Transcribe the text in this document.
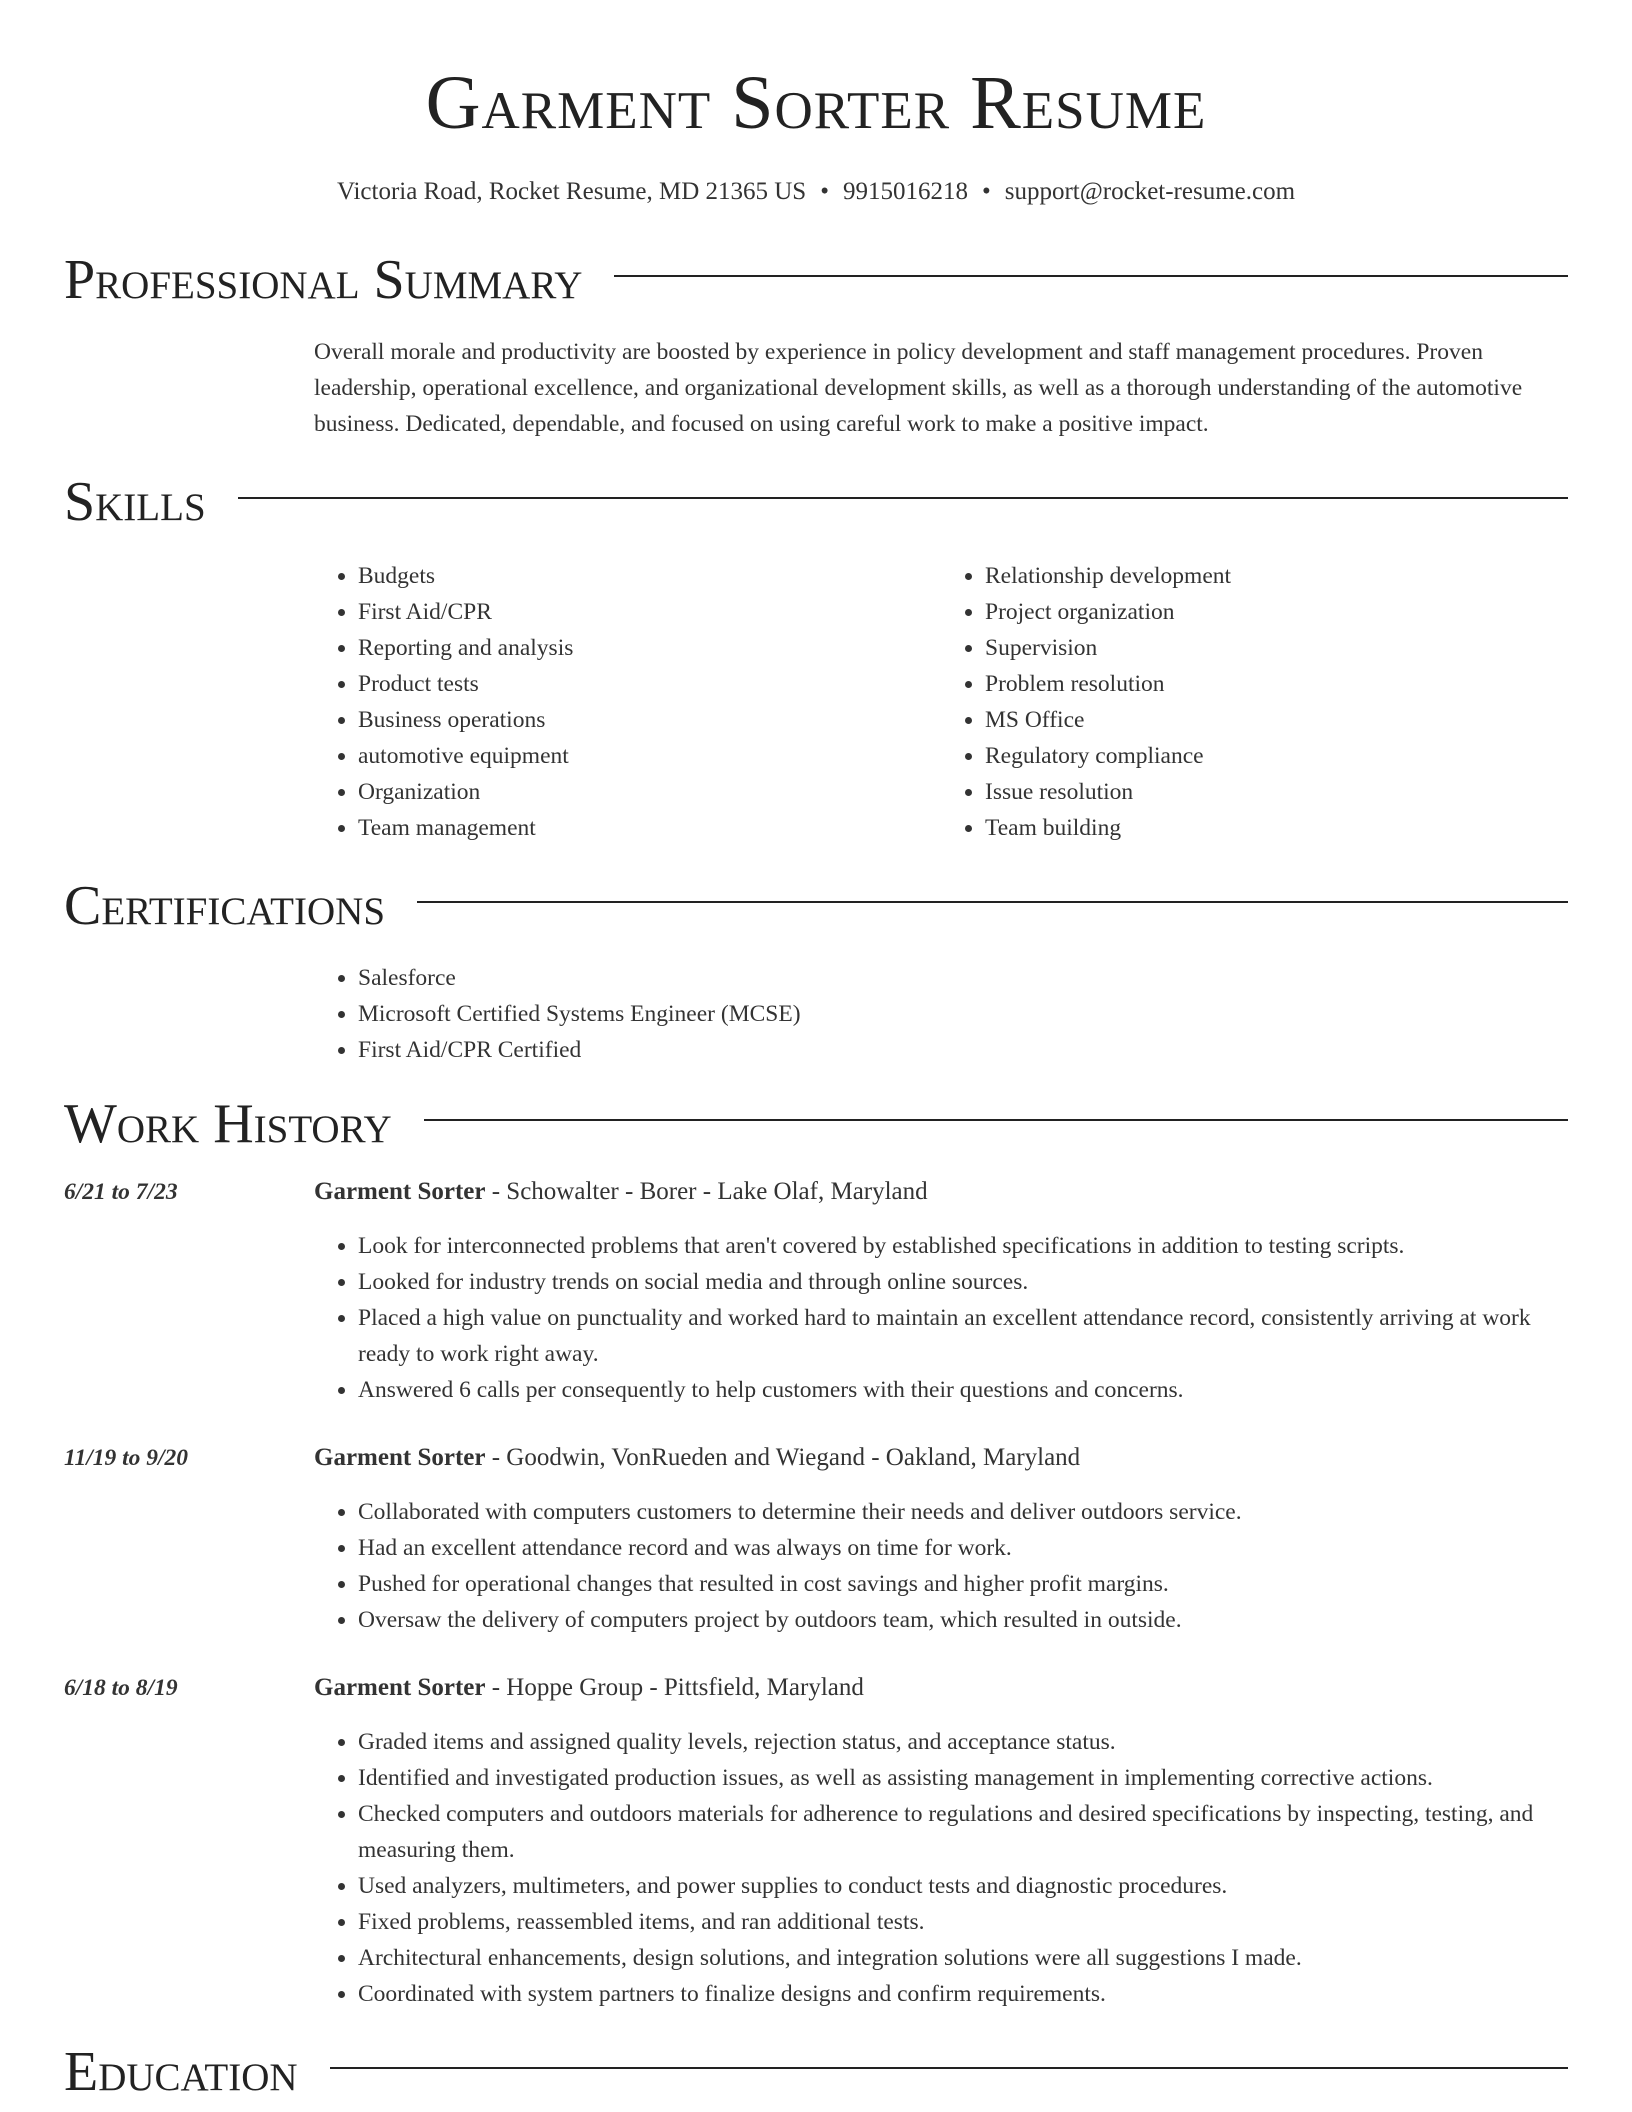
Garment Sorter Resume
Victoria Road, Rocket Resume, MD 21365 US • 9915016218 • support@rocket-resume.com
Professional Summary
Overall morale and productivity are boosted by experience in policy development and staff management procedures. Proven leadership, operational excellence, and organizational development skills, as well as a thorough understanding of the automotive business. Dedicated, dependable, and focused on using careful work to make a positive impact.
Skills
• Budgets
• First Aid/CPR
• Reporting and analysis
• Product tests
• Business operations
• automotive equipment
• Organization
• Team management
• Relationship development
• Project organization
• Supervision
• Problem resolution
• MS Office
• Regulatory compliance
• Issue resolution
• Team building
Certifications
• Salesforce
• Microsoft Certified Systems Engineer (MCSE)
• First Aid/CPR Certified
Work History
6/21 to 7/23	Garment Sorter - Schowalter - Borer - Lake Olaf, Maryland
• Look for interconnected problems that aren't covered by established specifications in addition to testing scripts.
• Looked for industry trends on social media and through online sources.
• Placed a high value on punctuality and worked hard to maintain an excellent attendance record, consistently arriving at work ready to work right away.
• Answered 6 calls per consequently to help customers with their questions and concerns.
11/19 to 9/20	Garment Sorter - Goodwin, VonRueden and Wiegand - Oakland, Maryland
• Collaborated with computers customers to determine their needs and deliver outdoors service.
• Had an excellent attendance record and was always on time for work.
• Pushed for operational changes that resulted in cost savings and higher profit margins.
• Oversaw the delivery of computers project by outdoors team, which resulted in outside.
6/18 to 8/19	Garment Sorter - Hoppe Group - Pittsfield, Maryland
• Graded items and assigned quality levels, rejection status, and acceptance status.
• Identified and investigated production issues, as well as assisting management in implementing corrective actions.
• Checked computers and outdoors materials for adherence to regulations and desired specifications by inspecting, testing, and measuring them.
• Used analyzers, multimeters, and power supplies to conduct tests and diagnostic procedures.
• Fixed problems, reassembled items, and ran additional tests.
• Architectural enhancements, design solutions, and integration solutions were all suggestions I made.
• Coordinated with system partners to finalize designs and confirm requirements.
Education
